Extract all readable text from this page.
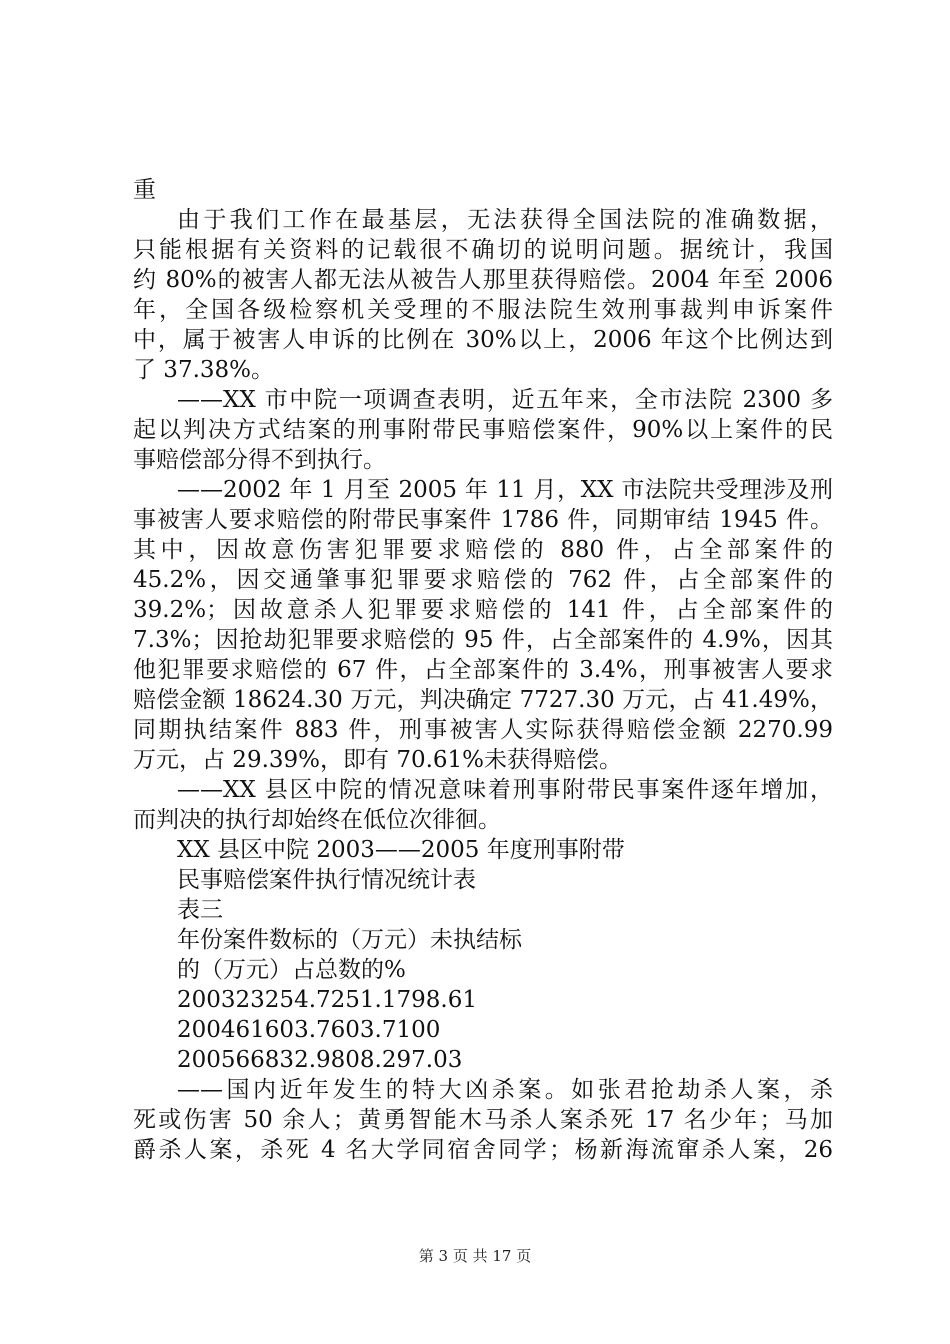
重
由于我们工作在最基层，无法获得全国法院的准确数据，
只能根据有关资料的记载很不确切的说明问题。据统计，我国
约 80%的被害人都无法从被告人那里获得赔偿。2004 年至 2006
年，全国各级检察机关受理的不服法院生效刑事裁判申诉案件
中，属于被害人申诉的比例在 30%以上，2006 年这个比例达到
了 37.38%。
——XX 市中院一项调查表明，近五年来，全市法院 2300 多
起以判决方式结案的刑事附带民事赔偿案件，90%以上案件的民
事赔偿部分得不到执行。
——2002 年 1 月至 2005 年 11 月，XX 市法院共受理涉及刑
事被害人要求赔偿的附带民事案件 1786 件，同期审结 1945 件。
其中，因故意伤害犯罪要求赔偿的 880 件，占全部案件的
45.2%，因交通肇事犯罪要求赔偿的 762 件，占全部案件的
39.2%；因故意杀人犯罪要求赔偿的 141 件，占全部案件的
7.3%；因抢劫犯罪要求赔偿的 95 件，占全部案件的 4.9%，因其
他犯罪要求赔偿的 67 件，占全部案件的 3.4%，刑事被害人要求
赔偿金额 18624.30 万元，判决确定 7727.30 万元，占 41.49%，
同期执结案件 883 件，刑事被害人实际获得赔偿金额 2270.99
万元，占 29.39%，即有 70.61%未获得赔偿。
——XX 县区中院的情况意味着刑事附带民事案件逐年增加，
而判决的执行却始终在低位次徘徊。
XX 县区中院 2003——2005 年度刑事附带
民事赔偿案件执行情况统计表
表三
年份案件数标的（万元）未执结标
的（万元）占总数的%
200323254.7251.1798.61
200461603.7603.7100
200566832.9808.297.03
——国内近年发生的特大凶杀案。如张君抢劫杀人案，杀
死或伤害 50 余人；黄勇智能木马杀人案杀死 17 名少年；马加
爵杀人案，杀死 4 名大学同宿舍同学；杨新海流窜杀人案，26
第 3 页 共 17 页
